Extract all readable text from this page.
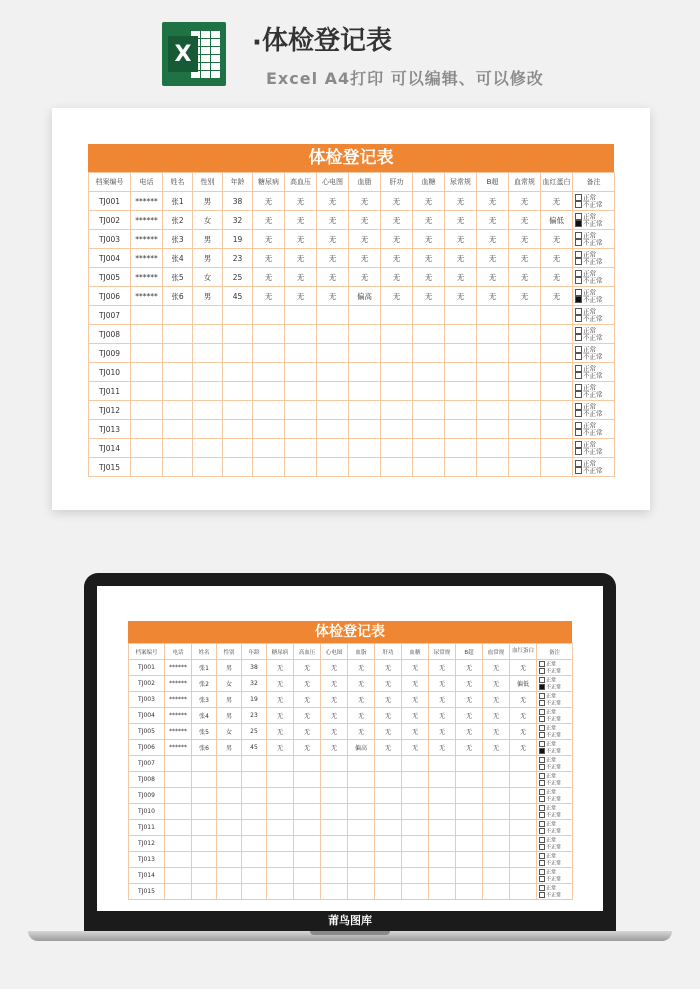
X · 体检登记表
Excel A4打印 可以编辑、可以修改
体检登记表
档案编号	电话	姓名	性别	年龄	糖尿病	高血压	心电图	血脂	肝功	血糖	尿常规	B超	血常规	血红蛋白	备注
TJ001	******	张1	男	38	无	无	无	无	无	无	无	无	无	无	正常
不正常

TJ002	******	张2	女	32	无	无	无	无	无	无	无	无	无	偏低	正常
不正常

TJ003	******	张3	男	19	无	无	无	无	无	无	无	无	无	无	正常
不正常

TJ004	******	张4	男	23	无	无	无	无	无	无	无	无	无	无	正常
不正常

TJ005	******	张5	女	25	无	无	无	无	无	无	无	无	无	无	正常
不正常

TJ006	******	张6	男	45	无	无	无	偏高	无	无	无	无	无	无	正常
不正常

TJ007															正常
不正常

TJ008															正常
不正常

TJ009															正常
不正常

TJ010															正常
不正常

TJ011															正常
不正常

TJ012															正常
不正常

TJ013															正常
不正常

TJ014															正常
不正常

TJ015															正常
不正常
体检登记表
档案编号	电话	姓名	性别	年龄	糖尿病	高血压	心电图	血脂	肝功	血糖	尿常规	B超	血常规	血红蛋白	备注
TJ001	******	张1	男	38	无	无	无	无	无	无	无	无	无	无	正常
不正常

TJ002	******	张2	女	32	无	无	无	无	无	无	无	无	无	偏低	正常
不正常

TJ003	******	张3	男	19	无	无	无	无	无	无	无	无	无	无	正常
不正常

TJ004	******	张4	男	23	无	无	无	无	无	无	无	无	无	无	正常
不正常

TJ005	******	张5	女	25	无	无	无	无	无	无	无	无	无	无	正常
不正常

TJ006	******	张6	男	45	无	无	无	偏高	无	无	无	无	无	无	正常
不正常

TJ007															正常
不正常

TJ008															正常
不正常

TJ009															正常
不正常

TJ010															正常
不正常

TJ011															正常
不正常

TJ012															正常
不正常

TJ013															正常
不正常

TJ014															正常
不正常

TJ015															正常
不正常
莆鸟图库
